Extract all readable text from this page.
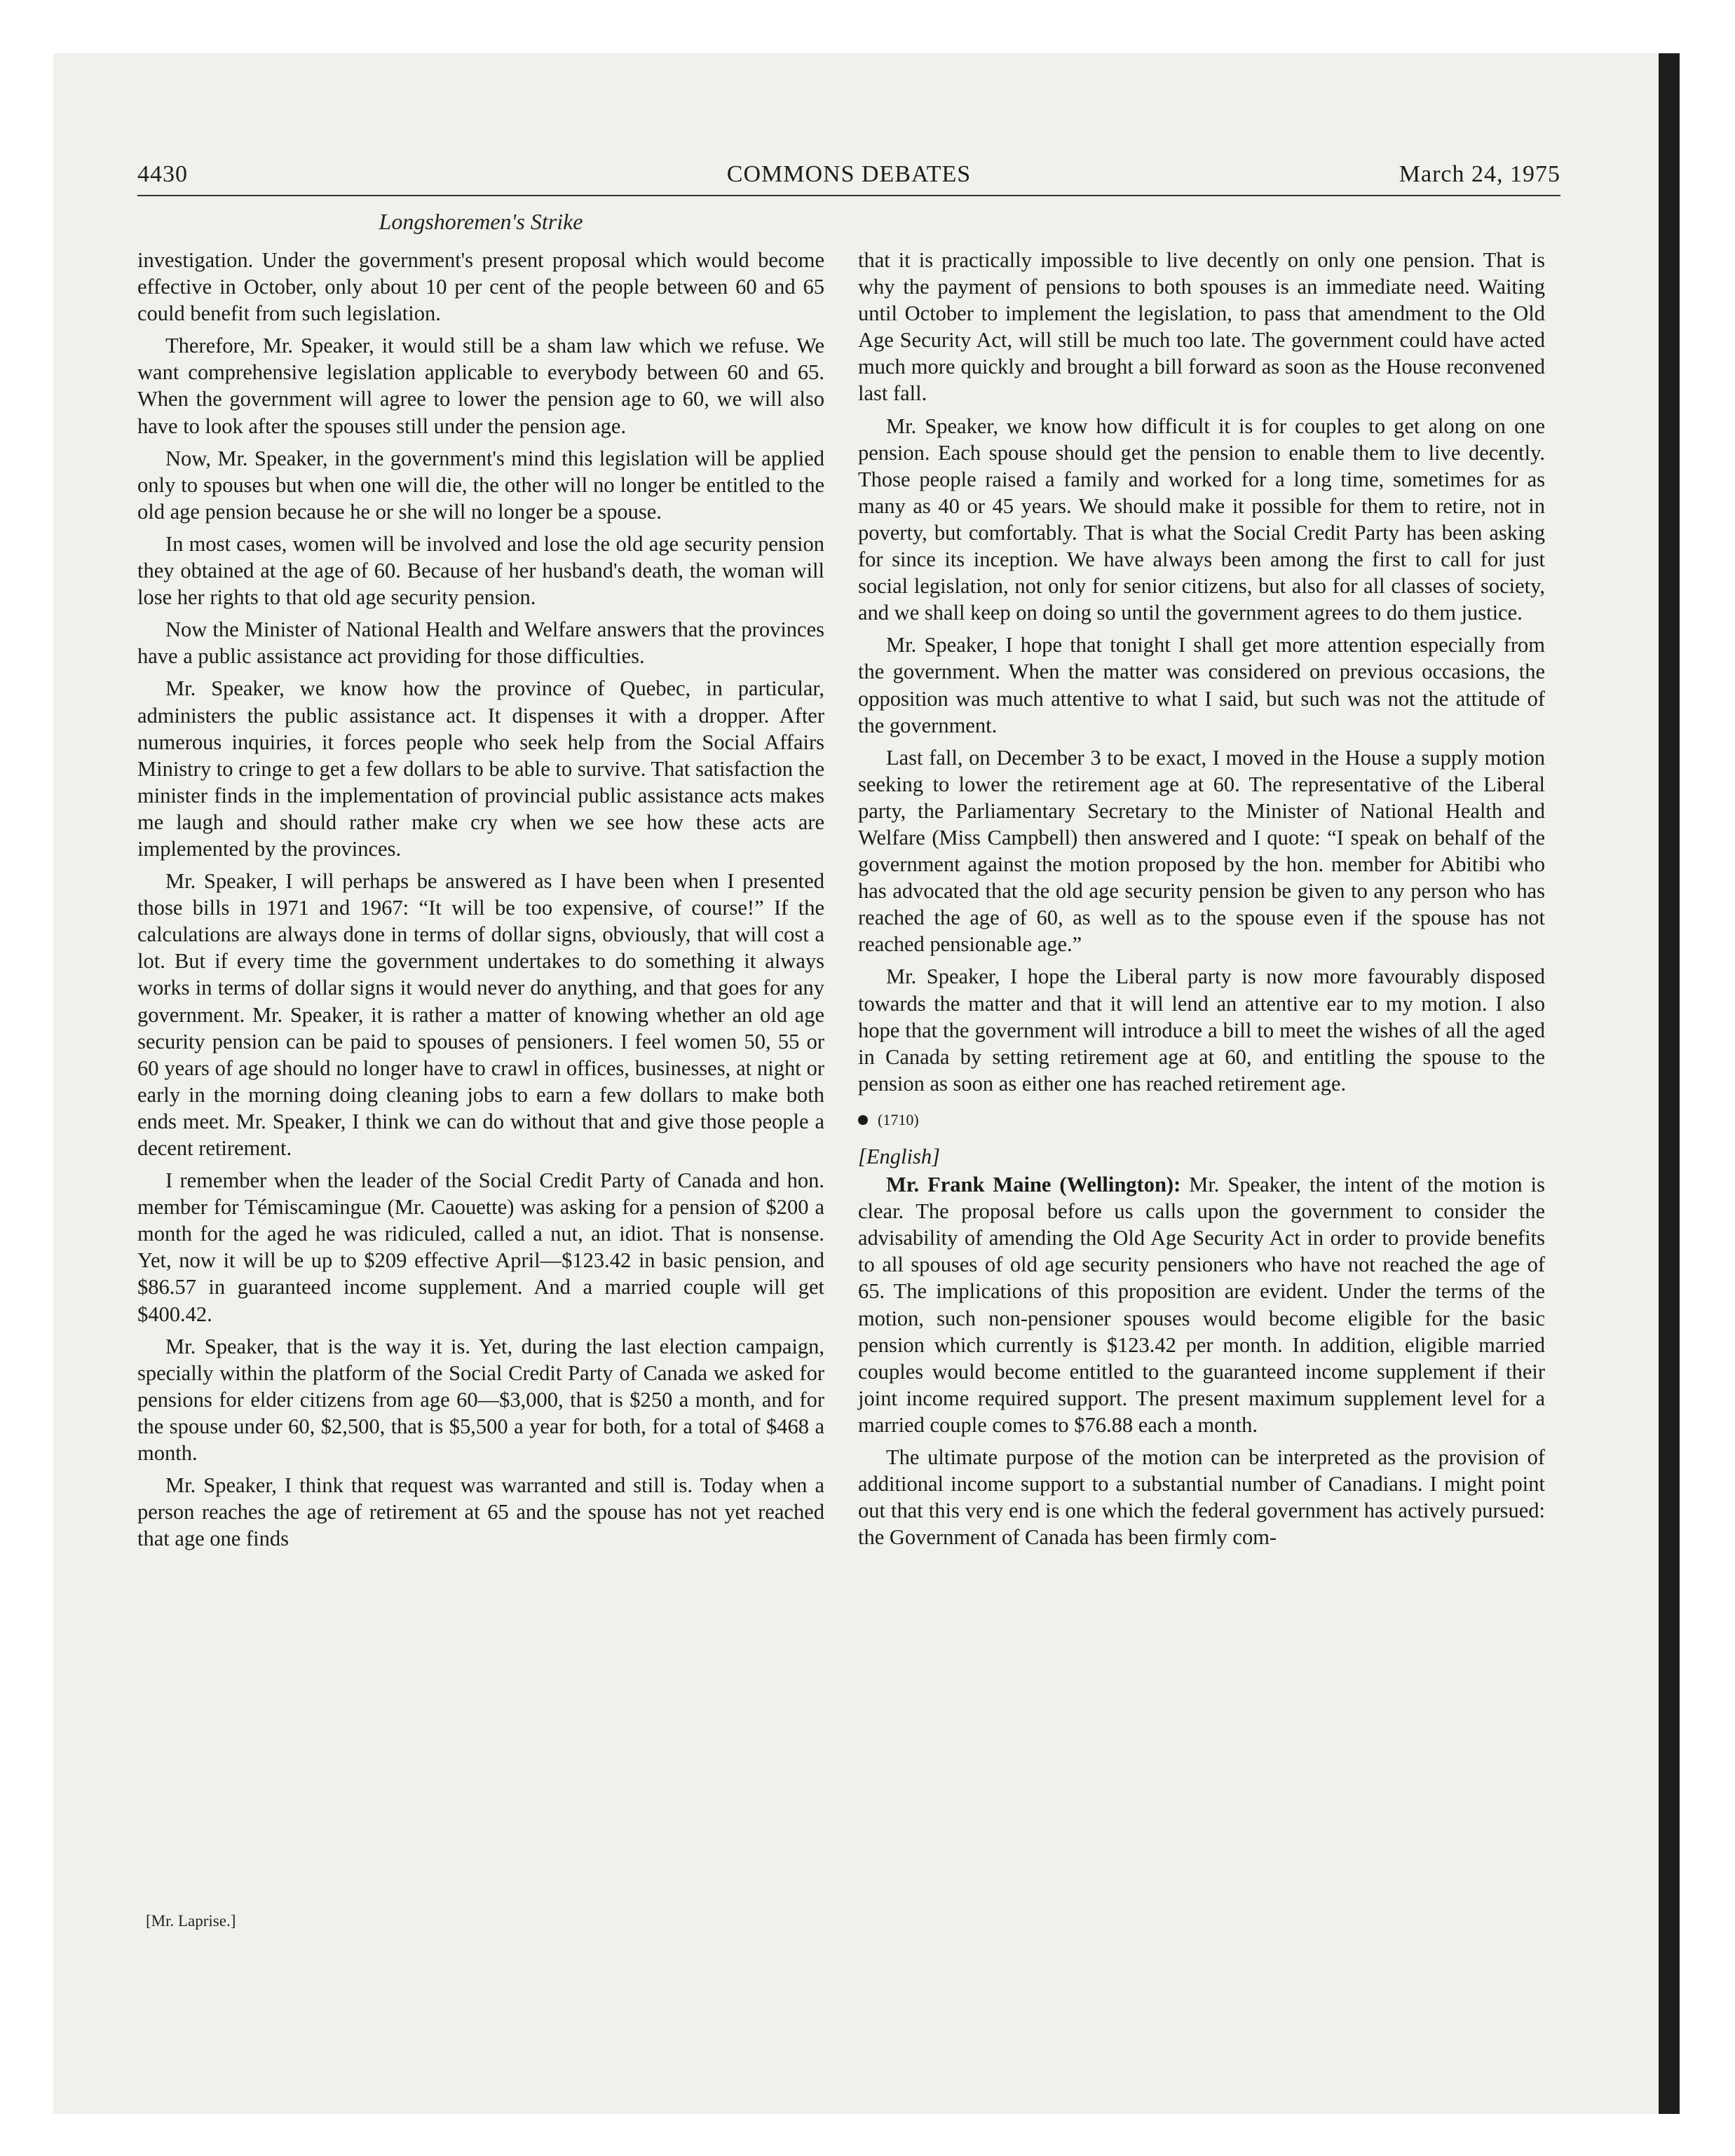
4430	COMMONS DEBATES	March 24, 1975
Longshoremen's Strike

investigation. Under the government's present proposal which would become effective in October, only about 10 per cent of the people between 60 and 65 could benefit from such legislation.

Therefore, Mr. Speaker, it would still be a sham law which we refuse. We want comprehensive legislation applicable to everybody between 60 and 65. When the government will agree to lower the pension age to 60, we will also have to look after the spouses still under the pension age.

Now, Mr. Speaker, in the government's mind this legislation will be applied only to spouses but when one will die, the other will no longer be entitled to the old age pension because he or she will no longer be a spouse.

In most cases, women will be involved and lose the old age security pension they obtained at the age of 60. Because of her husband's death, the woman will lose her rights to that old age security pension.

Now the Minister of National Health and Welfare answers that the provinces have a public assistance act providing for those difficulties.

Mr. Speaker, we know how the province of Quebec, in particular, administers the public assistance act. It dispenses it with a dropper. After numerous inquiries, it forces people who seek help from the Social Affairs Ministry to cringe to get a few dollars to be able to survive. That satisfaction the minister finds in the implementation of provincial public assistance acts makes me laugh and should rather make cry when we see how these acts are implemented by the provinces.

Mr. Speaker, I will perhaps be answered as I have been when I presented those bills in 1971 and 1967: “It will be too expensive, of course!” If the calculations are always done in terms of dollar signs, obviously, that will cost a lot. But if every time the government undertakes to do something it always works in terms of dollar signs it would never do anything, and that goes for any government. Mr. Speaker, it is rather a matter of knowing whether an old age security pension can be paid to spouses of pensioners. I feel women 50, 55 or 60 years of age should no longer have to crawl in offices, businesses, at night or early in the morning doing cleaning jobs to earn a few dollars to make both ends meet. Mr. Speaker, I think we can do without that and give those people a decent retirement.

I remember when the leader of the Social Credit Party of Canada and hon. member for Témiscamingue (Mr. Caouette) was asking for a pension of $200 a month for the aged he was ridiculed, called a nut, an idiot. That is nonsense. Yet, now it will be up to $209 effective April—$123.42 in basic pension, and $86.57 in guaranteed income supplement. And a married couple will get $400.42.

Mr. Speaker, that is the way it is. Yet, during the last election campaign, specially within the platform of the Social Credit Party of Canada we asked for pensions for elder citizens from age 60—$3,000, that is $250 a month, and for the spouse under 60, $2,500, that is $5,500 a year for both, for a total of $468 a month.

Mr. Speaker, I think that request was warranted and still is. Today when a person reaches the age of retirement at 65 and the spouse has not yet reached that age one finds

that it is practically impossible to live decently on only one pension. That is why the payment of pensions to both spouses is an immediate need. Waiting until October to implement the legislation, to pass that amendment to the Old Age Security Act, will still be much too late. The government could have acted much more quickly and brought a bill forward as soon as the House reconvened last fall.

Mr. Speaker, we know how difficult it is for couples to get along on one pension. Each spouse should get the pension to enable them to live decently. Those people raised a family and worked for a long time, sometimes for as many as 40 or 45 years. We should make it possible for them to retire, not in poverty, but comfortably. That is what the Social Credit Party has been asking for since its inception. We have always been among the first to call for just social legislation, not only for senior citizens, but also for all classes of society, and we shall keep on doing so until the government agrees to do them justice.

Mr. Speaker, I hope that tonight I shall get more attention especially from the government. When the matter was considered on previous occasions, the opposition was much attentive to what I said, but such was not the attitude of the government.

Last fall, on December 3 to be exact, I moved in the House a supply motion seeking to lower the retirement age at 60. The representative of the Liberal party, the Parliamentary Secretary to the Minister of National Health and Welfare (Miss Campbell) then answered and I quote: “I speak on behalf of the government against the motion proposed by the hon. member for Abitibi who has advocated that the old age security pension be given to any person who has reached the age of 60, as well as to the spouse even if the spouse has not reached pensionable age.”

Mr. Speaker, I hope the Liberal party is now more favourably disposed towards the matter and that it will lend an attentive ear to my motion. I also hope that the government will introduce a bill to meet the wishes of all the aged in Canada by setting retirement age at 60, and entitling the spouse to the pension as soon as either one has reached retirement age.

(1710)
[English]

Mr. Frank Maine (Wellington): Mr. Speaker, the intent of the motion is clear. The proposal before us calls upon the government to consider the advisability of amending the Old Age Security Act in order to provide benefits to all spouses of old age security pensioners who have not reached the age of 65. The implications of this proposition are evident. Under the terms of the motion, such non-pensioner spouses would become eligible for the basic pension which currently is $123.42 per month. In addition, eligible married couples would become entitled to the guaranteed income supplement if their joint income required support. The present maximum supplement level for a married couple comes to $76.88 each a month.

The ultimate purpose of the motion can be interpreted as the provision of additional income support to a substantial number of Canadians. I might point out that this very end is one which the federal government has actively pursued: the Government of Canada has been firmly com-

[Mr. Laprise.]
